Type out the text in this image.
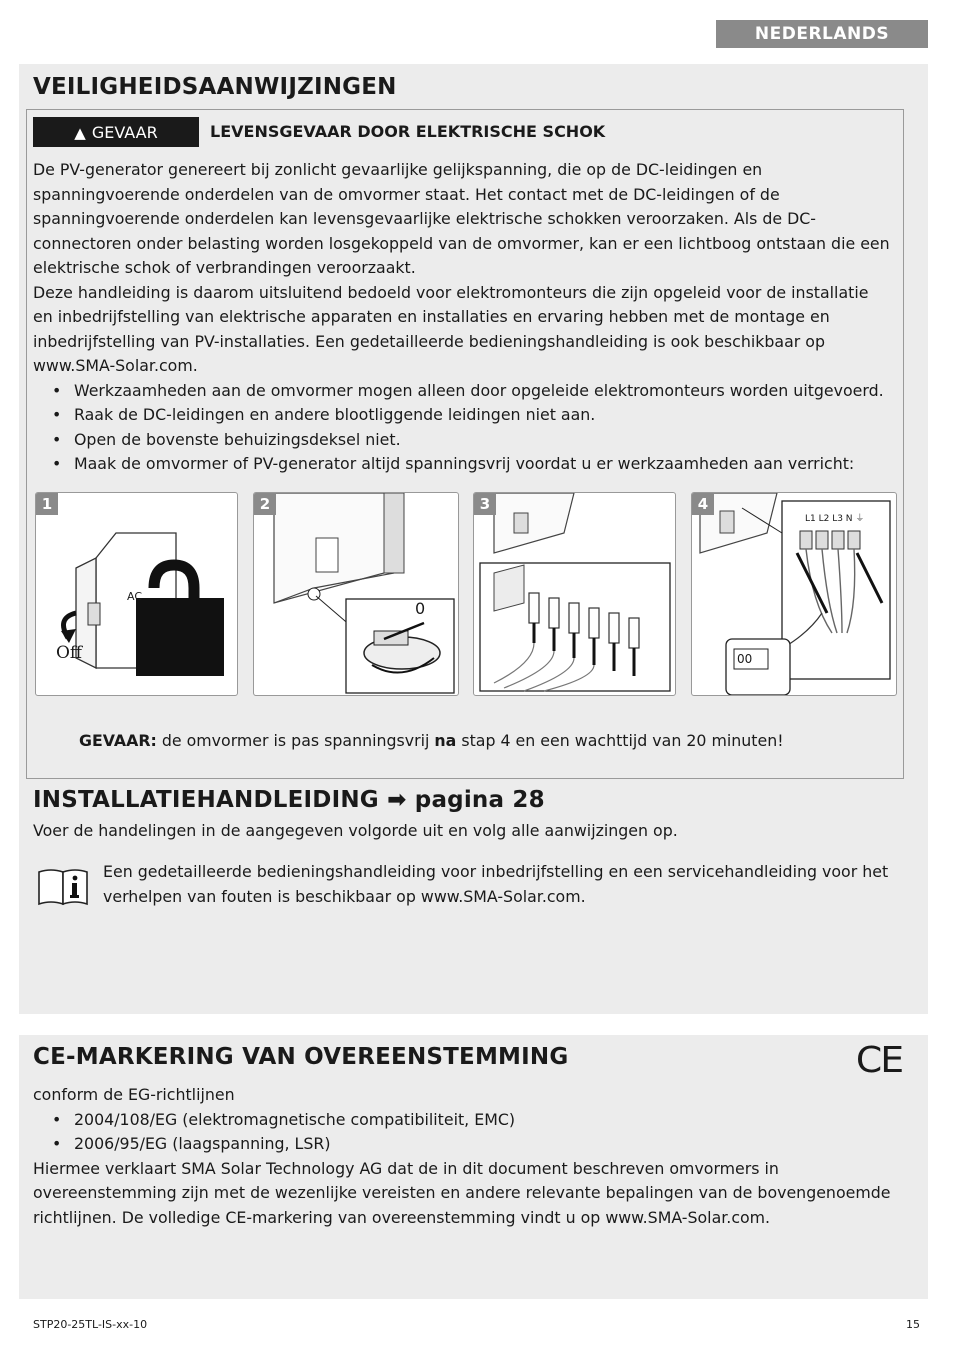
NEDERLANDS
VEILIGHEIDSAANWIJZINGEN
▲ GEVAAR	LEVENSGEVAAR DOOR ELEKTRISCHE SCHOK

De PV-generator genereert bij zonlicht gevaarlijke gelijkspanning, die op de DC-leidingen en spanningvoerende onderdelen van de omvormer staat. Het contact met de DC-leidingen of de spanningvoerende onderdelen kan levensgevaarlijke elektrische schokken veroorzaken. Als de DC-connectoren onder belasting worden losgekoppeld van de omvormer, kan er een lichtboog ontstaan die een elektrische schok of verbrandingen veroorzaakt.

Deze handleiding is daarom uitsluitend bedoeld voor elektromonteurs die zijn opgeleid voor de installatie en inbedrijfstelling van elektrische apparaten en installaties en ervaring hebben met de montage en inbedrijfstelling van PV-installaties. Een gedetailleerde bedieningshandleiding is ook beschikbaar op www.SMA-Solar.com.

• Werkzaamheden aan de omvormer mogen alleen door opgeleide elektromonteurs worden uitgevoerd.
• Raak de DC-leidingen en andere blootliggende leidingen niet aan.
• Open de bovenste behuizingsdeksel niet.
• Maak de omvormer of PV-generator altijd spanningsvrij voordat u er werkzaamheden aan verricht:
1
AC
Off
2
0
3	4
L1 L2 L3 N ⏚
00
GEVAAR: de omvormer is pas spanningsvrij na stap 4 en een wachttijd van 20 minuten!
INSTALLATIEHANDLEIDING ➡ pagina 28
Voer de handelingen in de aangegeven volgorde uit en volg alle aanwijzingen op.
Een gedetailleerde bedieningshandleiding voor inbedrijfstelling en een servicehandleiding voor het verhelpen van fouten is beschikbaar op www.SMA-Solar.com.
CE-MARKERING VAN OVEREENSTEMMING	CE

conform de EG-richtlijnen

• 2004/108/EG (elektromagnetische compatibiliteit, EMC)
• 2006/95/EG (laagspanning, LSR)

Hiermee verklaart SMA Solar Technology AG dat de in dit document beschreven omvormers in overeenstemming zijn met de wezenlijke vereisten en andere relevante bepalingen van de bovengenoemde richtlijnen. De volledige CE-markering van overeenstemming vindt u op www.SMA-Solar.com.

STP20-25TL-IS-xx-10	15
